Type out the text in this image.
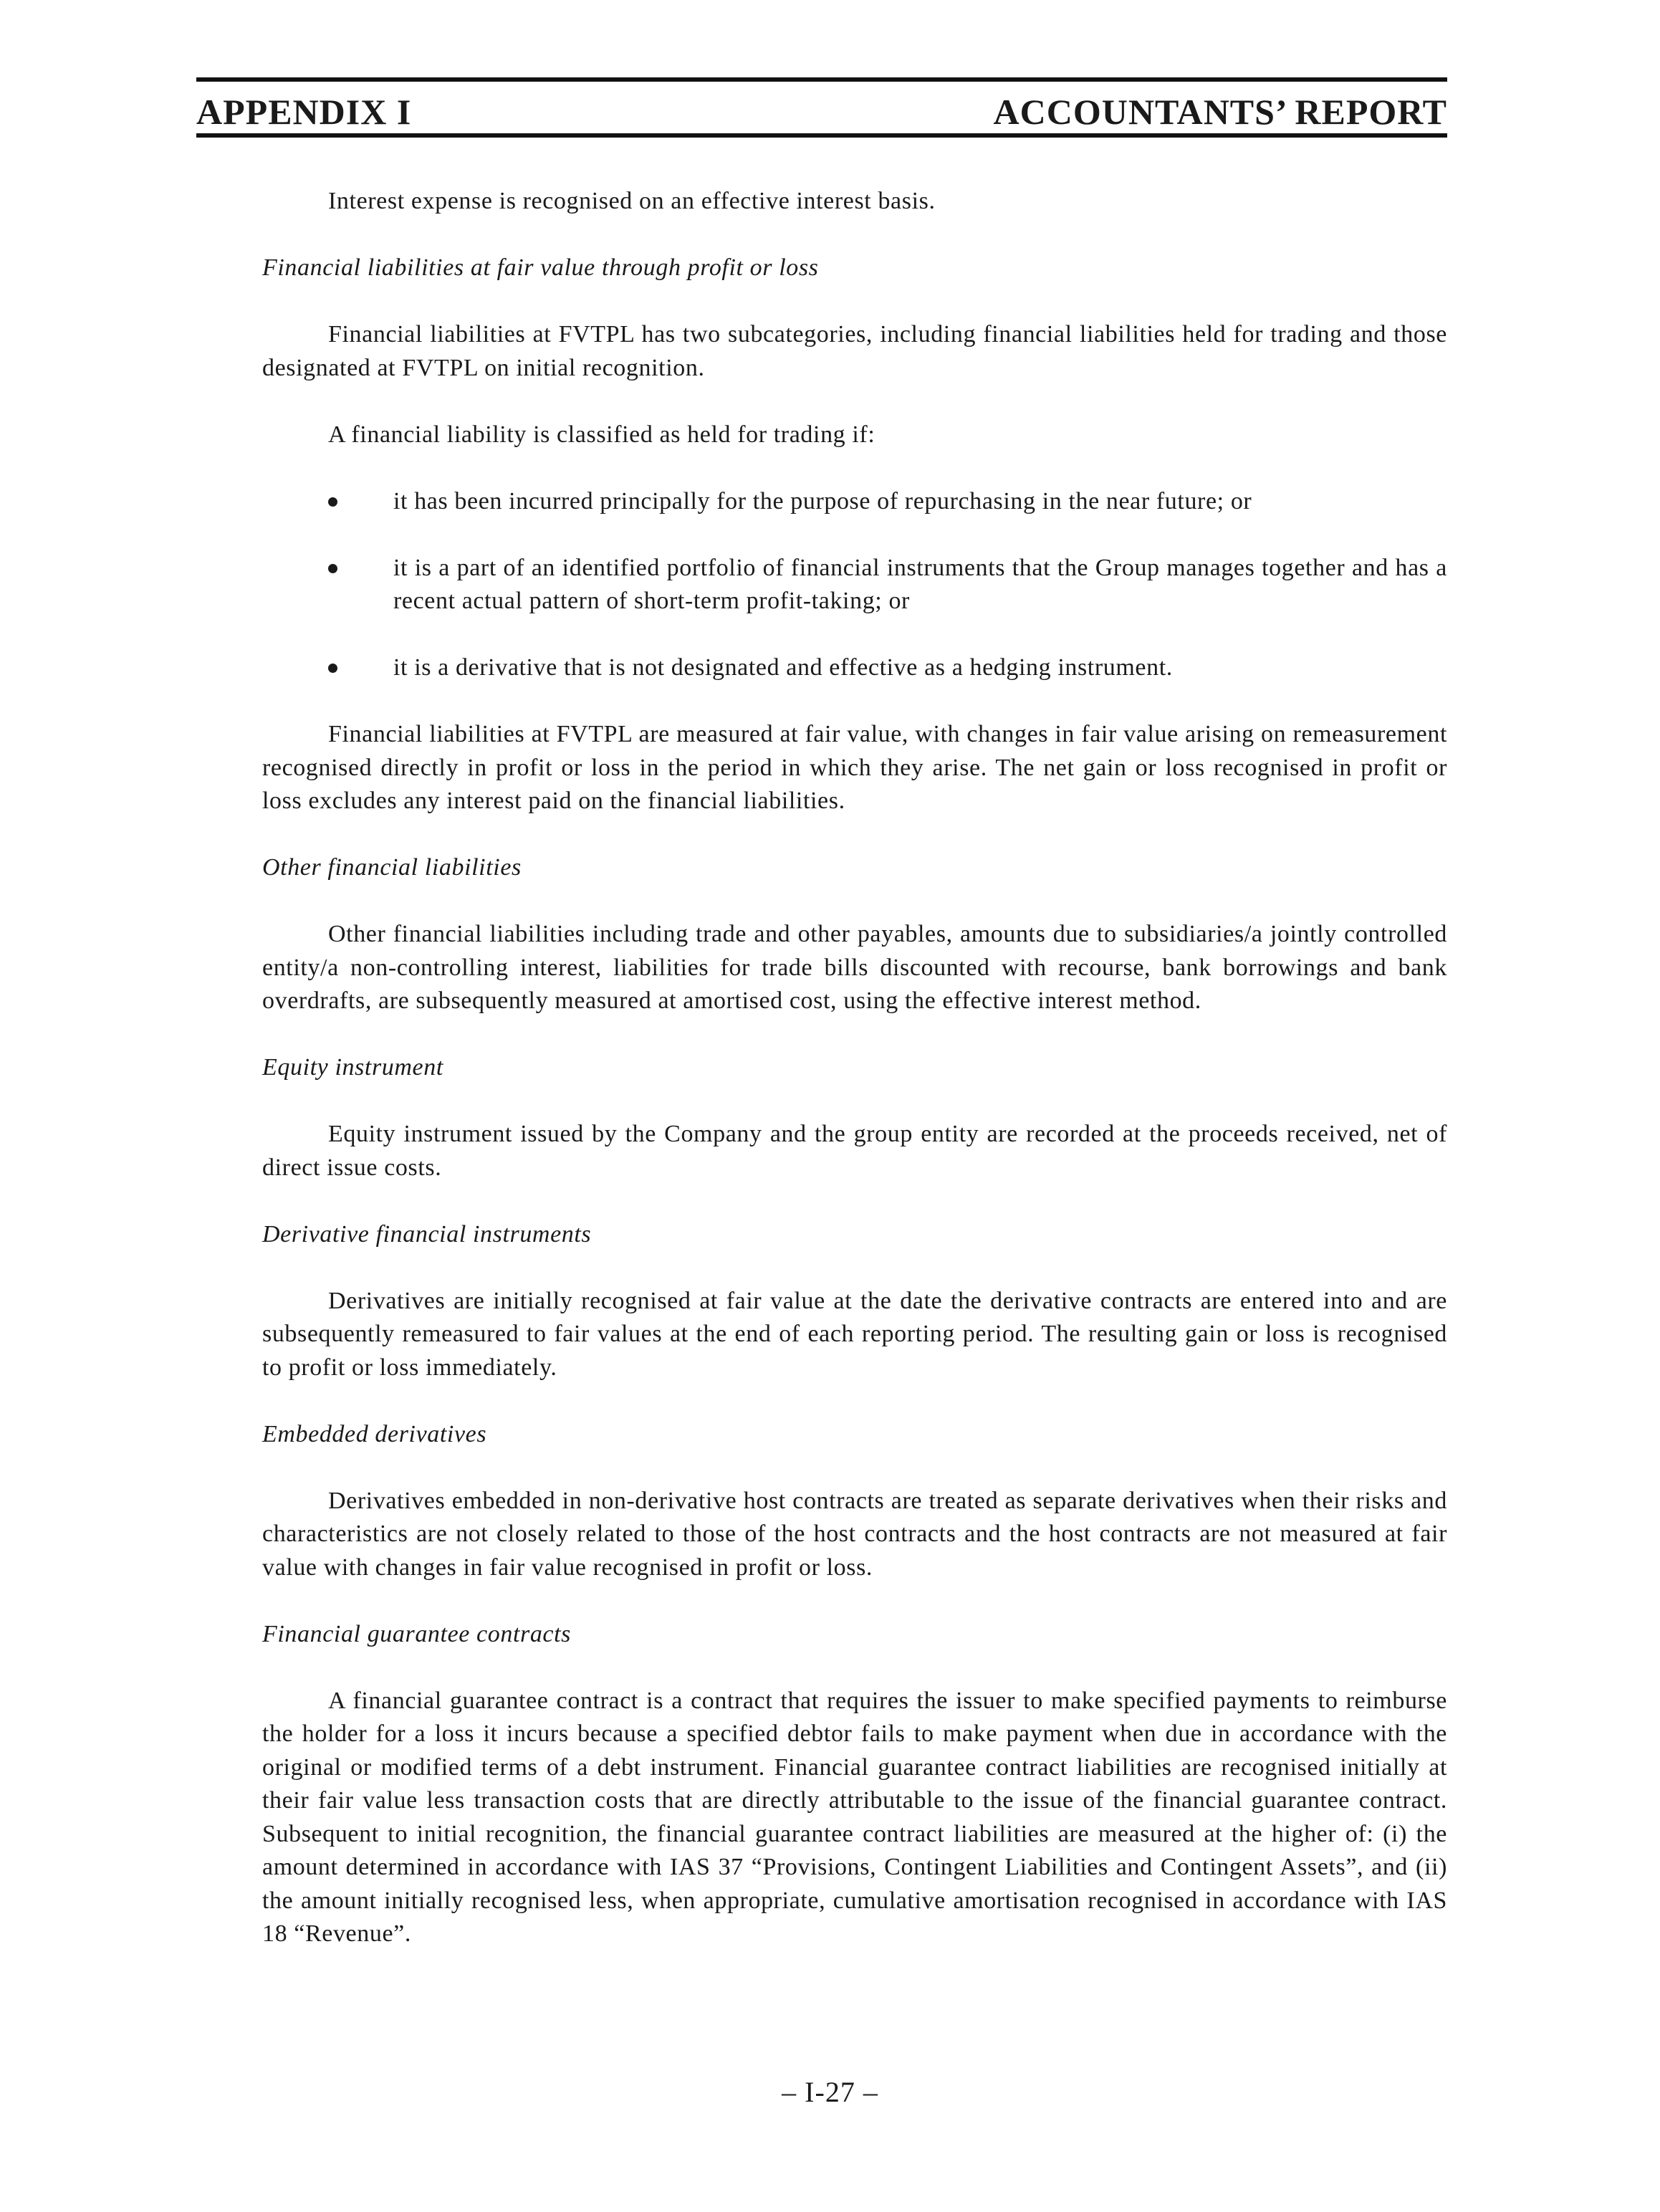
APPENDIX I	ACCOUNTANTS’ REPORT

Interest expense is recognised on an effective interest basis.

Financial liabilities at fair value through profit or loss

Financial liabilities at FVTPL has two subcategories, including financial liabilities held for trading and those designated at FVTPL on initial recognition.

A financial liability is classified as held for trading if:

it has been incurred principally for the purpose of repurchasing in the near future; or
it is a part of an identified portfolio of financial instruments that the Group manages together and has a recent actual pattern of short-term profit-taking; or
it is a derivative that is not designated and effective as a hedging instrument.

Financial liabilities at FVTPL are measured at fair value, with changes in fair value arising on remeasurement recognised directly in profit or loss in the period in which they arise. The net gain or loss recognised in profit or loss excludes any interest paid on the financial liabilities.

Other financial liabilities

Other financial liabilities including trade and other payables, amounts due to subsidiaries/a jointly controlled entity/a non-controlling interest, liabilities for trade bills discounted with recourse, bank borrowings and bank overdrafts, are subsequently measured at amortised cost, using the effective interest method.

Equity instrument

Equity instrument issued by the Company and the group entity are recorded at the proceeds received, net of direct issue costs.

Derivative financial instruments

Derivatives are initially recognised at fair value at the date the derivative contracts are entered into and are subsequently remeasured to fair values at the end of each reporting period. The resulting gain or loss is recognised to profit or loss immediately.

Embedded derivatives

Derivatives embedded in non-derivative host contracts are treated as separate derivatives when their risks and characteristics are not closely related to those of the host contracts and the host contracts are not measured at fair value with changes in fair value recognised in profit or loss.

Financial guarantee contracts

A financial guarantee contract is a contract that requires the issuer to make specified payments to reimburse the holder for a loss it incurs because a specified debtor fails to make payment when due in accordance with the original or modified terms of a debt instrument. Financial guarantee contract liabilities are recognised initially at their fair value less transaction costs that are directly attributable to the issue of the financial guarantee contract. Subsequent to initial recognition, the financial guarantee contract liabilities are measured at the higher of: (i) the amount determined in accordance with IAS 37 “Provisions, Contingent Liabilities and Contingent Assets”, and (ii) the amount initially recognised less, when appropriate, cumulative amortisation recognised in accordance with IAS 18 “Revenue”.

– I-27 –
